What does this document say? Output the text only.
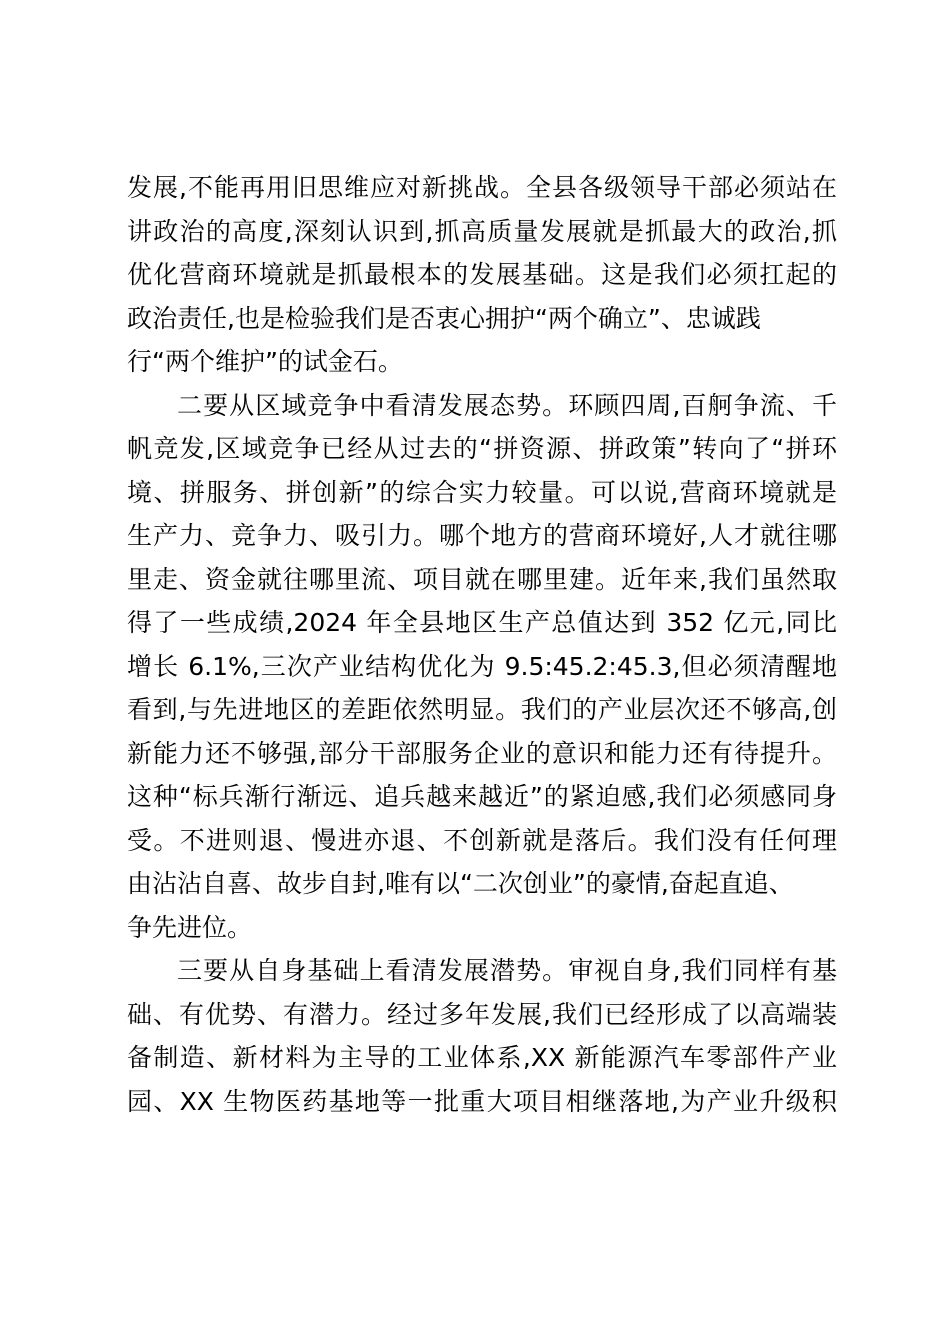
发展,不能再用旧思维应对新挑战。全县各级领导干部必须站在
讲政治的高度,深刻认识到,抓高质量发展就是抓最大的政治,抓
优化营商环境就是抓最根本的发展基础。这是我们必须扛起的
政治责任,也是检验我们是否衷心拥护“两个确立”、忠诚践
行“两个维护”的试金石。
二要从区域竞争中看清发展态势。环顾四周,百舸争流、千
帆竞发,区域竞争已经从过去的“拼资源、拼政策”转向了“拼环
境、拼服务、拼创新”的综合实力较量。可以说,营商环境就是
生产力、竞争力、吸引力。哪个地方的营商环境好,人才就往哪
里走、资金就往哪里流、项目就在哪里建。近年来,我们虽然取
得了一些成绩,2024 年全县地区生产总值达到 352 亿元,同比
增长 6.1%,三次产业结构优化为 9.5:45.2:45.3,但必须清醒地
看到,与先进地区的差距依然明显。我们的产业层次还不够高,创
新能力还不够强,部分干部服务企业的意识和能力还有待提升。
这种“标兵渐行渐远、追兵越来越近”的紧迫感,我们必须感同身
受。不进则退、慢进亦退、不创新就是落后。我们没有任何理
由沾沾自喜、故步自封,唯有以“二次创业”的豪情,奋起直追、
争先进位。
三要从自身基础上看清发展潜势。审视自身,我们同样有基
础、有优势、有潜力。经过多年发展,我们已经形成了以高端装
备制造、新材料为主导的工业体系,XX 新能源汽车零部件产业
园、XX 生物医药基地等一批重大项目相继落地,为产业升级积
